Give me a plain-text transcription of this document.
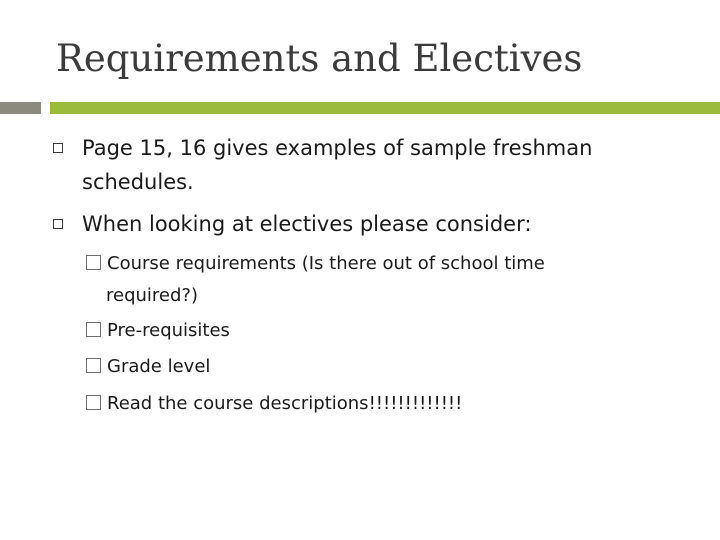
Requirements and Electives
Page 15, 16 gives examples of sample freshman
schedules.
When looking at electives please consider:
Course requirements (Is there out of school time
required?)
Pre-requisites
Grade level
Read the course descriptions!!!!!!!!!!!!!
